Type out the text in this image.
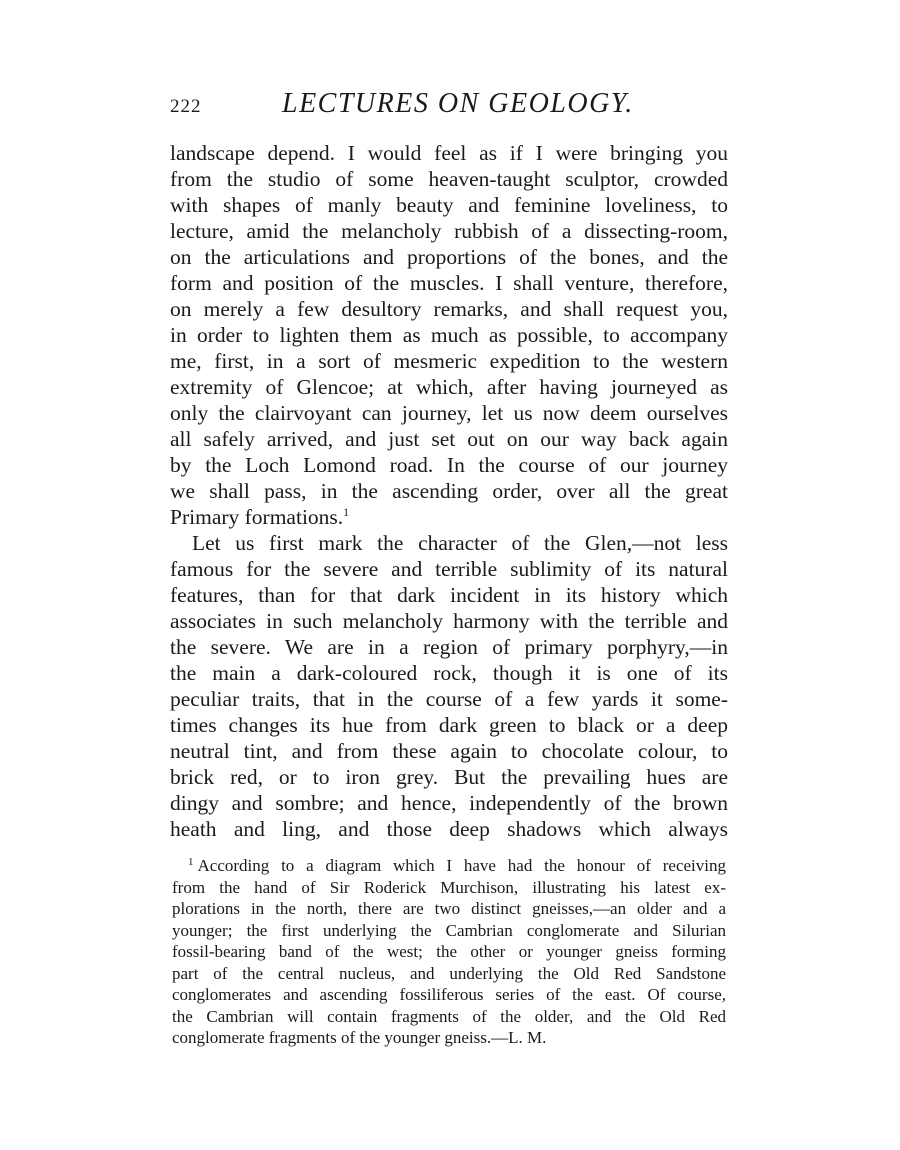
222	LECTURES ON GEOLOGY.
landscape depend. I would feel as if I were bringing you
from the studio of some heaven-taught sculptor, crowded
with shapes of manly beauty and feminine loveliness, to
lecture, amid the melancholy rubbish of a dissecting-room,
on the articulations and proportions of the bones, and the
form and position of the muscles. I shall venture, therefore,
on merely a few desultory remarks, and shall request you,
in order to lighten them as much as possible, to accompany
me, first, in a sort of mesmeric expedition to the western
extremity of Glencoe; at which, after having journeyed as
only the clairvoyant can journey, let us now deem ourselves
all safely arrived, and just set out on our way back again
by the Loch Lomond road. In the course of our journey
we shall pass, in the ascending order, over all the great
Primary formations.$^1$
Let us first mark the character of the Glen,—not less
famous for the severe and terrible sublimity of its natural
features, than for that dark incident in its history which
associates in such melancholy harmony with the terrible and
the severe. We are in a region of primary porphyry,—in
the main a dark-coloured rock, though it is one of its
peculiar traits, that in the course of a few yards it some-
times changes its hue from dark green to black or a deep
neutral tint, and from these again to chocolate colour, to
brick red, or to iron grey. But the prevailing hues are
dingy and sombre; and hence, independently of the brown
heath and ling, and those deep shadows which always
$^1$ According to a diagram which I have had the honour of receiving
from the hand of Sir Roderick Murchison, illustrating his latest ex-
plorations in the north, there are two distinct gneisses,—an older and a
younger; the first underlying the Cambrian conglomerate and Silurian
fossil-bearing band of the west; the other or younger gneiss forming
part of the central nucleus, and underlying the Old Red Sandstone
conglomerates and ascending fossiliferous series of the east. Of course,
the Cambrian will contain fragments of the older, and the Old Red
conglomerate fragments of the younger gneiss.—L. M.
